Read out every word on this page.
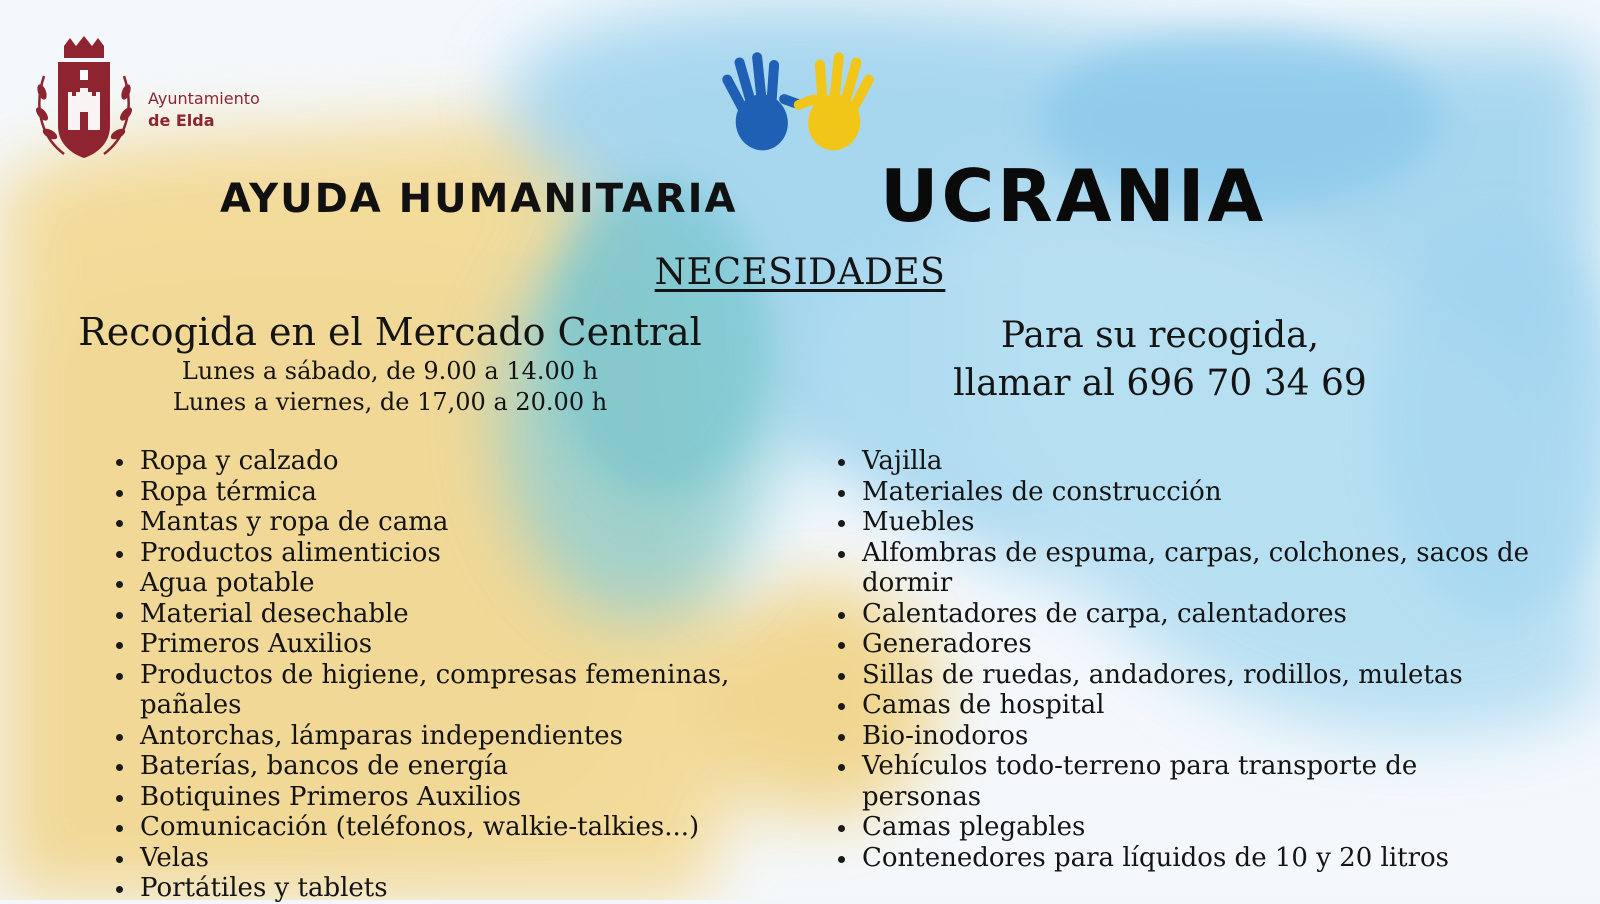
Ayuntamiento
de Elda
AYUDA HUMANITARIA UCRANIA
NECESIDADES
Recogida en el Mercado Central
Lunes a sábado, de 9.00 a 14.00 h
Lunes a viernes, de 17,00 a 20.00 h
Para su recogida,
llamar al 696 70 34 69
Ropa y calzado
Ropa térmica
Mantas y ropa de cama
Productos alimenticios
Agua potable
Material desechable
Primeros Auxilios
Productos de higiene, compresas femeninas, pañales
Antorchas, lámparas independientes
Baterías, bancos de energía
Botiquines Primeros Auxilios
Comunicación (teléfonos, walkie-talkies...)
Velas
Portátiles y tablets
Vajilla
Materiales de construcción
Muebles
Alfombras de espuma, carpas, colchones, sacos de dormir
Calentadores de carpa, calentadores
Generadores
Sillas de ruedas, andadores, rodillos, muletas
Camas de hospital
Bio-inodoros
Vehículos todo-terreno para transporte de personas
Camas plegables
Contenedores para líquidos de 10 y 20 litros
